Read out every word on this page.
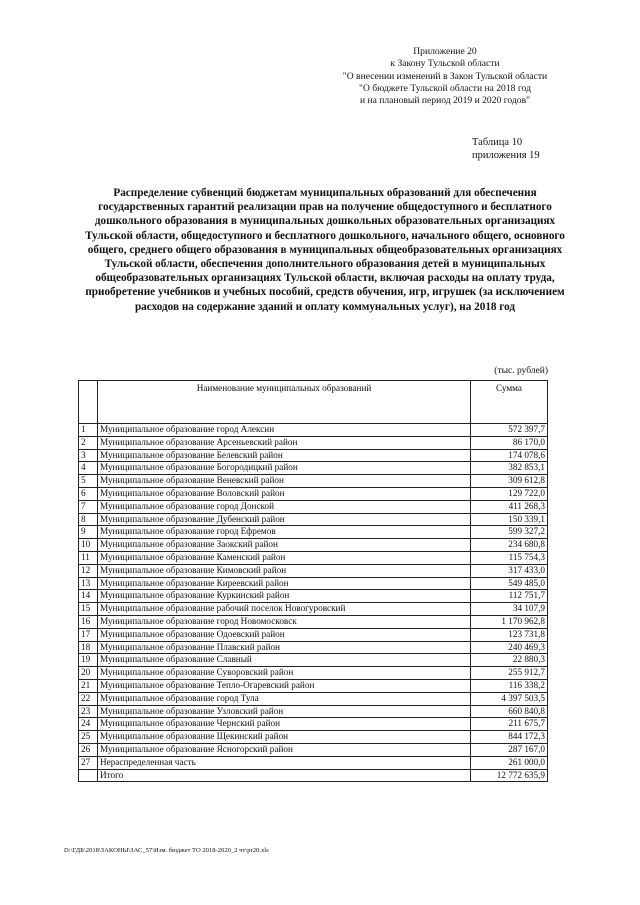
Приложение 20
к Закону Тульской области
"О внесении изменений в Закон Тульской области
"О бюджете Тульской области на 2018 год
и на плановый период 2019 и 2020 годов"
Таблица 10
приложения 19
Распределение субвенций бюджетам муниципальных образований для обеспечения государственных гарантий реализации прав на получение общедоступного и бесплатного дошкольного образования в муниципальных дошкольных образовательных организациях Тульской области, общедоступного и бесплатного дошкольного, начального общего, основного общего, среднего общего образования в муниципальных общеобразовательных организациях Тульской области, обеспечения дополнительного образования детей в муниципальных общеобразовательных организациях Тульской области, включая расходы на оплату труда, приобретение учебников и учебных пособий, средств обучения, игр, игрушек (за исключением расходов на содержание зданий и оплату коммунальных услуг), на 2018 год
(тыс. рублей)
	Наименование муниципальных образований	Сумма
1	Муниципальное образование город Алексин	572 397,7
2	Муниципальное образование Арсеньевский район	86 170,0
3	Муниципальное образование Белевский район	174 078,6
4	Муниципальное образование Богородицкий район	382 853,1
5	Муниципальное образование Веневский район	309 612,8
6	Муниципальное образование Воловский район	129 722,0
7	Муниципальное образование город Донской	411 268,3
8	Муниципальное образование Дубенский район	150 339,1
9	Муниципальное образование город Ефремов	599 327,2
10	Муниципальное образование Заокский район	234 680,8
11	Муниципальное образование Каменский район	115 754,3
12	Муниципальное образование Кимовский район	317 433,0
13	Муниципальное образование Киреевский район	549 485,0
14	Муниципальное образование Куркинский район	112 751,7
15	Муниципальное образование рабочий поселок Новогуровский	34 107,9
16	Муниципальное образование город Новомосковск	1 170 962,8
17	Муниципальное образование Одоевский район	123 731,8
18	Муниципальное образование Плавский район	240 469,3
19	Муниципальное образование Славный	22 880,3
20	Муниципальное образование Суворовский район	255 912,7
21	Муниципальное образование Тепло-Огаревский район	116 338,2
22	Муниципальное образование город Тула	4 397 503,5
23	Муниципальное образование Узловский район	660 840,8
24	Муниципальное образование Чернский район	211 675,7
25	Муниципальное образование Щекинский район	844 172,3
26	Муниципальное образование Ясногорский район	287 167,0
27	Нераспределенная часть	261 000,0
	Итого	12 772 635,9
D:\ГДБ\2018\ЗАКОНЫ\ЗАС_57\Изм. бюджет ТО 2018-2020_2 чт\pr20.xls
